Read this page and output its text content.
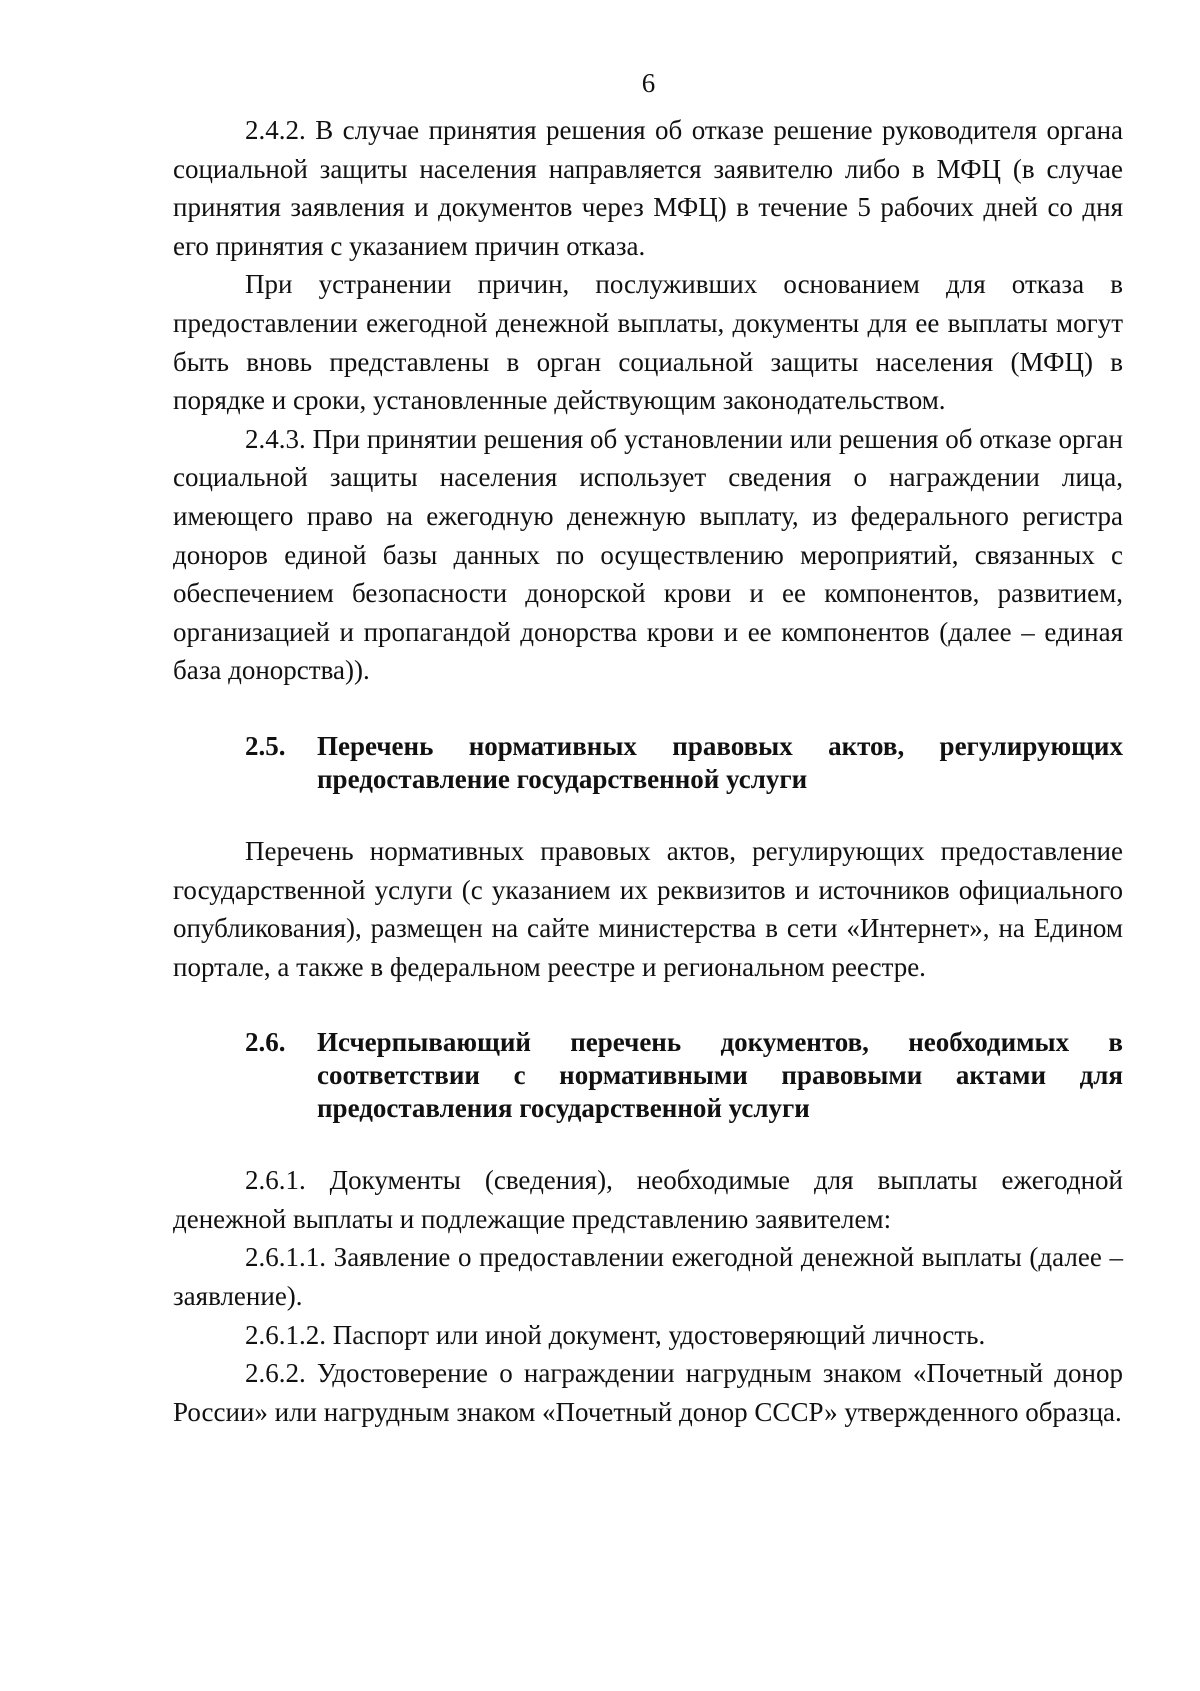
6

2.4.2. В случае принятия решения об отказе решение руководителя органа социальной защиты населения направляется заявителю либо в МФЦ (в случае принятия заявления и документов через МФЦ) в течение 5 рабочих дней со дня его принятия с указанием причин отказа.

При устранении причин, послуживших основанием для отказа в предоставлении ежегодной денежной выплаты, документы для ее выплаты могут быть вновь представлены в орган социальной защиты населения (МФЦ) в порядке и сроки, установленные действующим законодательством.

2.4.3. При принятии решения об установлении или решения об отказе орган социальной защиты населения использует сведения о награждении лица, имеющего право на ежегодную денежную выплату, из федерального регистра доноров единой базы данных по осуществлению мероприятий, связанных с обеспечением безопасности донорской крови и ее компонентов, развитием, организацией и пропагандой донорства крови и ее компонентов (далее – единая база донорства)).

2.5.	Перечень нормативных правовых актов, регулирующих предоставление государственной услуги

Перечень нормативных правовых актов, регулирующих предоставление государственной услуги (с указанием их реквизитов и источников официального опубликования), размещен на сайте министерства в сети «Интернет», на Едином портале, а также в федеральном реестре и региональном реестре.

2.6.	Исчерпывающий перечень документов, необходимых в соответствии с нормативными правовыми актами для предоставления государственной услуги

2.6.1. Документы (сведения), необходимые для выплаты ежегодной денежной выплаты и подлежащие представлению заявителем:

2.6.1.1. Заявление о предоставлении ежегодной денежной выплаты (далее – заявление).

2.6.1.2. Паспорт или иной документ, удостоверяющий личность.

2.6.2. Удостоверение о награждении нагрудным знаком «Почетный донор России» или нагрудным знаком «Почетный донор СССР» утвержденного образца.
